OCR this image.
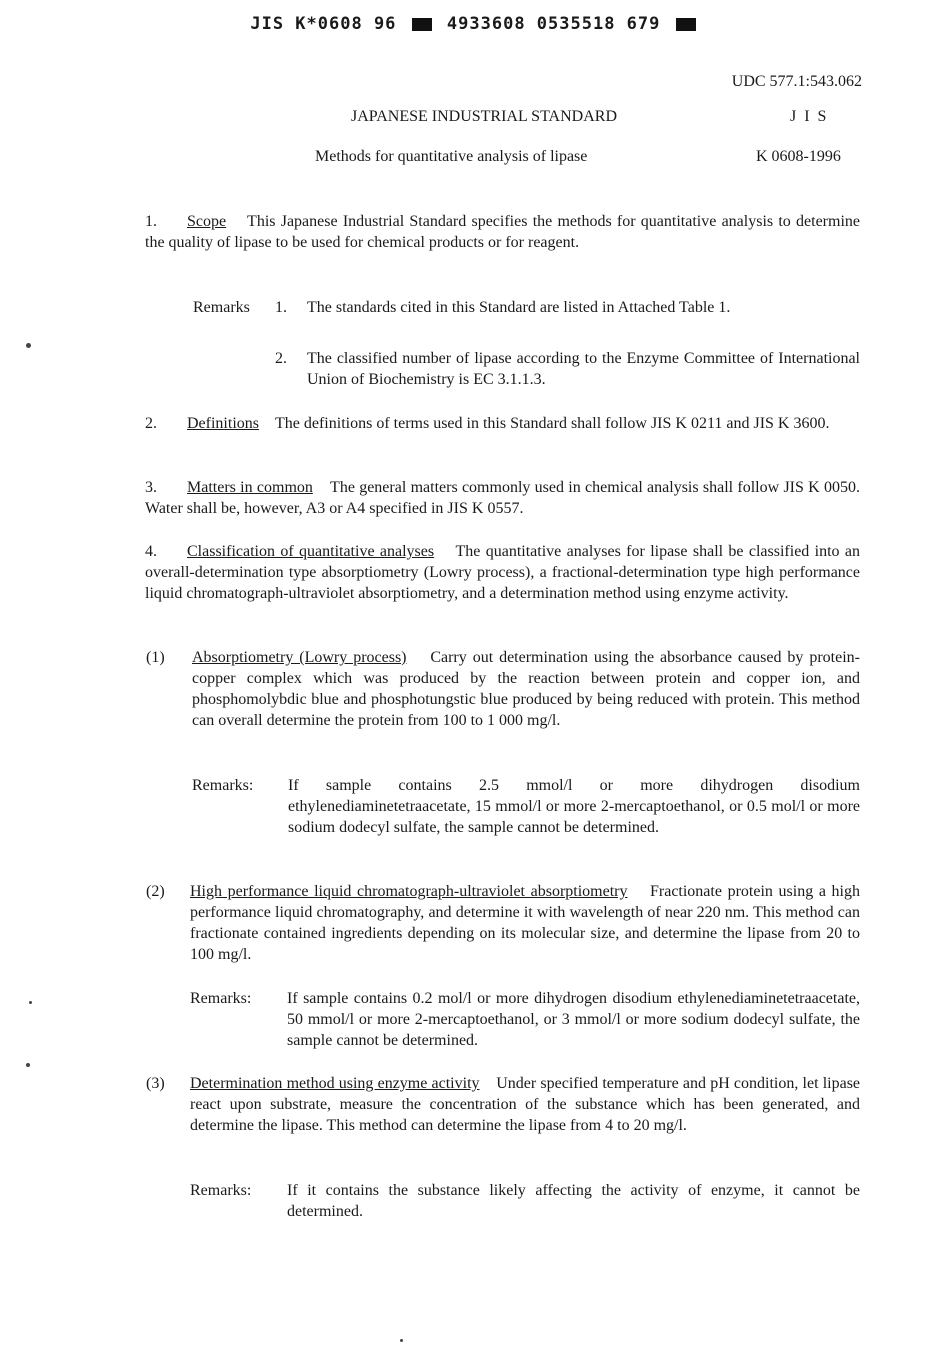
JIS K*0608 96	4933608 0535518 679
UDC 577.1:543.062
JAPANESE INDUSTRIAL STANDARD	J I S
Methods for quantitative analysis of lipase	K 0608-1996
1. Scope This Japanese Industrial Standard specifies the methods for quantitative analysis to determine the quality of lipase to be used for chemical products or for reagent.
Remarks 1. The standards cited in this Standard are listed in Attached Table 1.
2. The classified number of lipase according to the Enzyme Committee of International Union of Biochemistry is EC 3.1.1.3.
2. Definitions The definitions of terms used in this Standard shall follow JIS K 0211 and JIS K 3600.
3. Matters in common The general matters commonly used in chemical analysis shall follow JIS K 0050. Water shall be, however, A3 or A4 specified in JIS K 0557.
4. Classification of quantitative analyses The quantitative analyses for lipase shall be classified into an overall-determination type absorptiometry (Lowry process), a fractional-determination type high performance liquid chromatograph-ultraviolet absorptiometry, and a determination method using enzyme activity.
(1) Absorptiometry (Lowry process) Carry out determination using the absorbance caused by protein-copper complex which was produced by the reaction between protein and copper ion, and phosphomolybdic blue and phosphotungstic blue produced by being reduced with protein. This method can overall determine the protein from 100 to 1 000 mg/l.
Remarks: If sample contains 2.5 mmol/l or more dihydrogen disodium ethylenediaminetetraacetate, 15 mmol/l or more 2-mercaptoethanol, or 0.5 mol/l or more sodium dodecyl sulfate, the sample cannot be determined.
(2) High performance liquid chromatograph-ultraviolet absorptiometry Fractionate protein using a high performance liquid chromatography, and determine it with wavelength of near 220 nm. This method can fractionate contained ingredients depending on its molecular size, and determine the lipase from 20 to 100 mg/l.
Remarks: If sample contains 0.2 mol/l or more dihydrogen disodium ethylenediaminetetraacetate, 50 mmol/l or more 2-mercaptoethanol, or 3 mmol/l or more sodium dodecyl sulfate, the sample cannot be determined.
(3) Determination method using enzyme activity Under specified temperature and pH condition, let lipase react upon substrate, measure the concentration of the substance which has been generated, and determine the lipase. This method can determine the lipase from 4 to 20 mg/l.
Remarks: If it contains the substance likely affecting the activity of enzyme, it cannot be determined.
